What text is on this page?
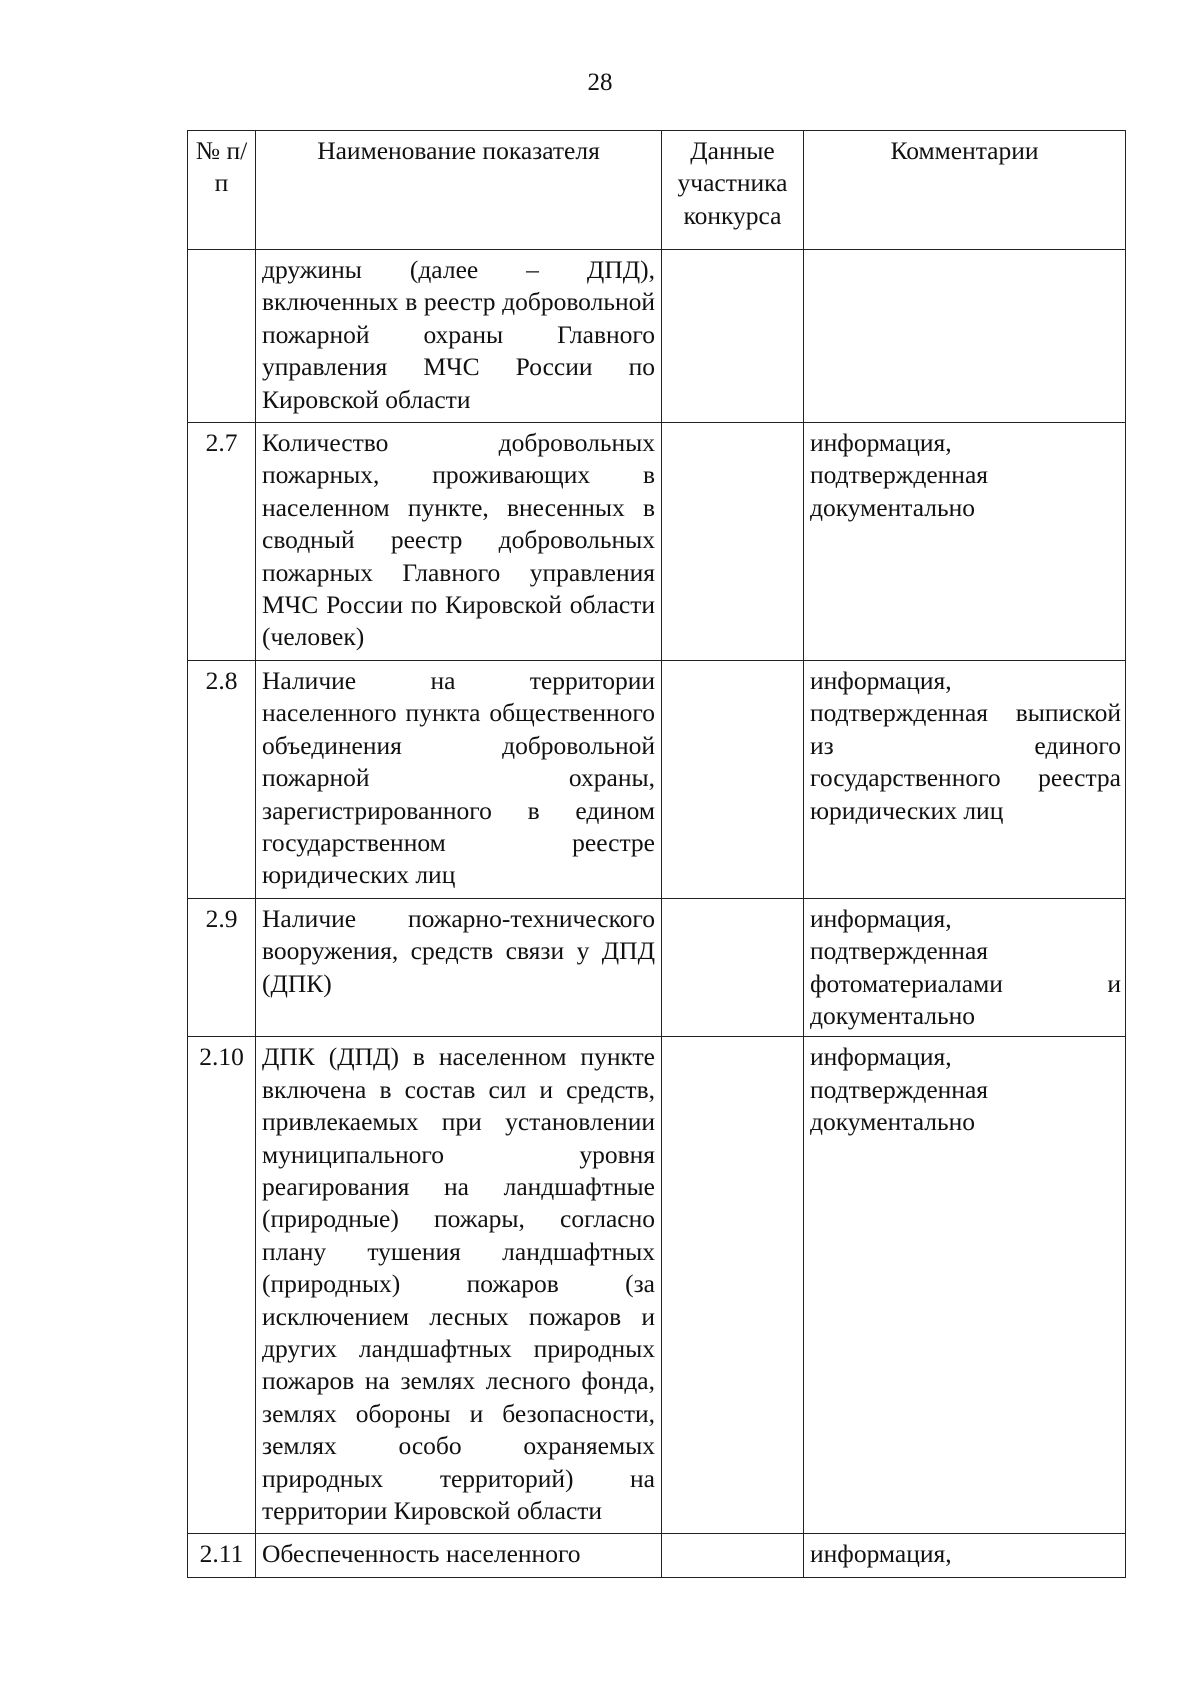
28
№ п/п	Наименование показателя	Данные участника конкурса	Комментарии

	дружины (далее – ДПД), включенных в реестр добровольной пожарной охраны Главного управления МЧС России по Кировской области		
2.7	Количество добровольных пожарных, проживающих в населенном пункте, внесенных в сводный реестр добровольных пожарных Главного управления МЧС России по Кировской области (человек)		информация, подтвержденная документально
2.8	Наличие на территории населенного пункта общественного объединения добровольной пожарной охраны, зарегистрированного в едином государственном реестре юридических лиц		информация, подтвержденная выпиской из единого государственного реестра юридических лиц
2.9	Наличие пожарно-технического вооружения, средств связи у ДПД (ДПК)		информация, подтвержденная фотоматериалами и документально
2.10	ДПК (ДПД) в населенном пункте включена в состав сил и средств, привлекаемых при установлении муниципального уровня реагирования на ландшафтные (природные) пожары, согласно плану тушения ландшафтных (природных) пожаров (за исключением лесных пожаров и других ландшафтных природных пожаров на землях лесного фонда, землях обороны и безопасности, землях особо охраняемых природных территорий) на территории Кировской области		информация, подтвержденная документально
2.11	Обеспеченность населенного		информация,
